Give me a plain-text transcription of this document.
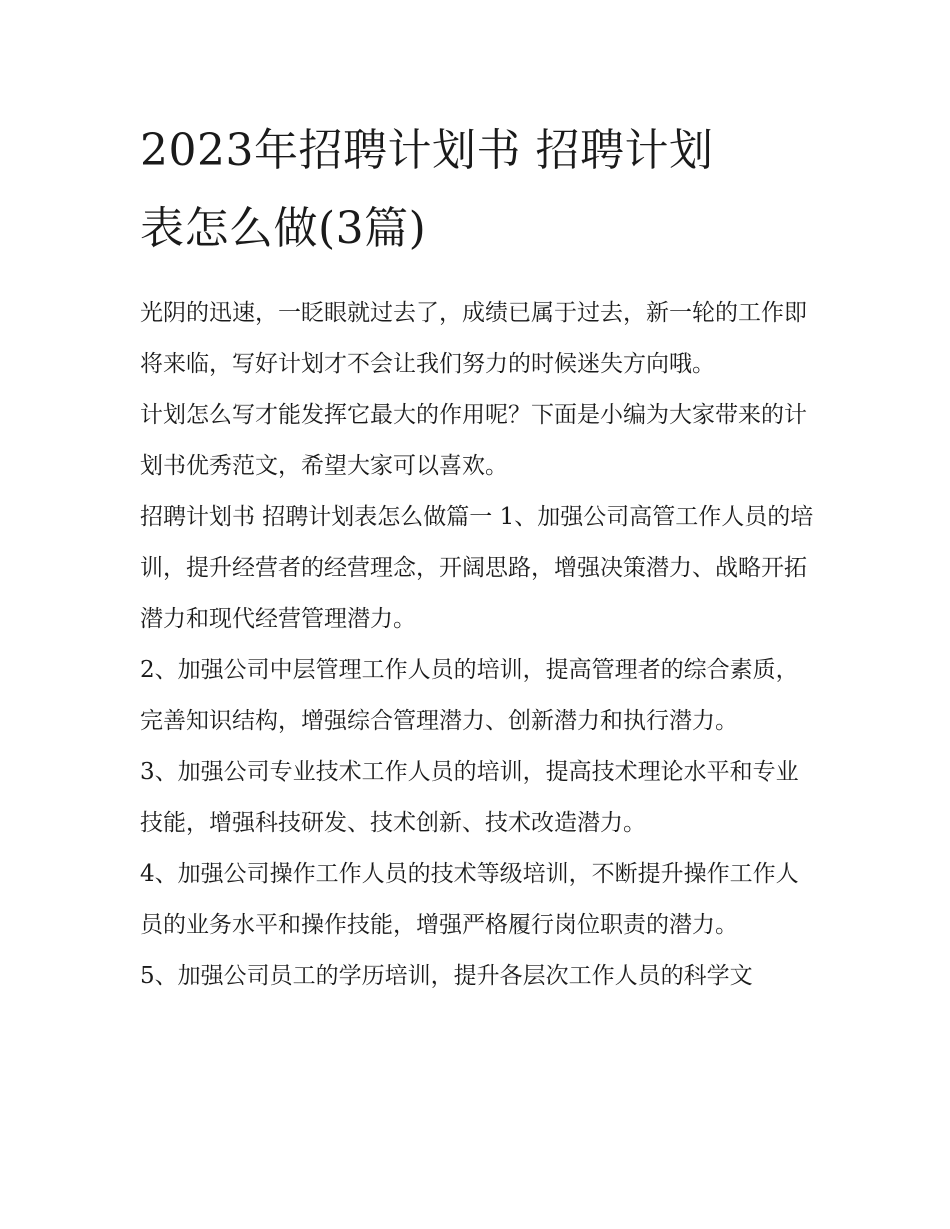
2023年招聘计划书 招聘计划
表怎么做(3篇)

光阴的迅速，一眨眼就过去了，成绩已属于过去，新一轮的工作即将来临，写好计划才不会让我们努力的时候迷失方向哦。

计划怎么写才能发挥它最大的作用呢？下面是小编为大家带来的计划书优秀范文，希望大家可以喜欢。

招聘计划书 招聘计划表怎么做篇一 1、加强公司高管工作人员的培训，提升经营者的经营理念，开阔思路，增强决策潜力、战略开拓潜力和现代经营管理潜力。

2、加强公司中层管理工作人员的培训，提高管理者的综合素质，完善知识结构，增强综合管理潜力、创新潜力和执行潜力。

3、加强公司专业技术工作人员的培训，提高技术理论水平和专业技能，增强科技研发、技术创新、技术改造潜力。

4、加强公司操作工作人员的技术等级培训，不断提升操作工作人员的业务水平和操作技能，增强严格履行岗位职责的潜力。

5、加强公司员工的学历培训，提升各层次工作人员的科学文
